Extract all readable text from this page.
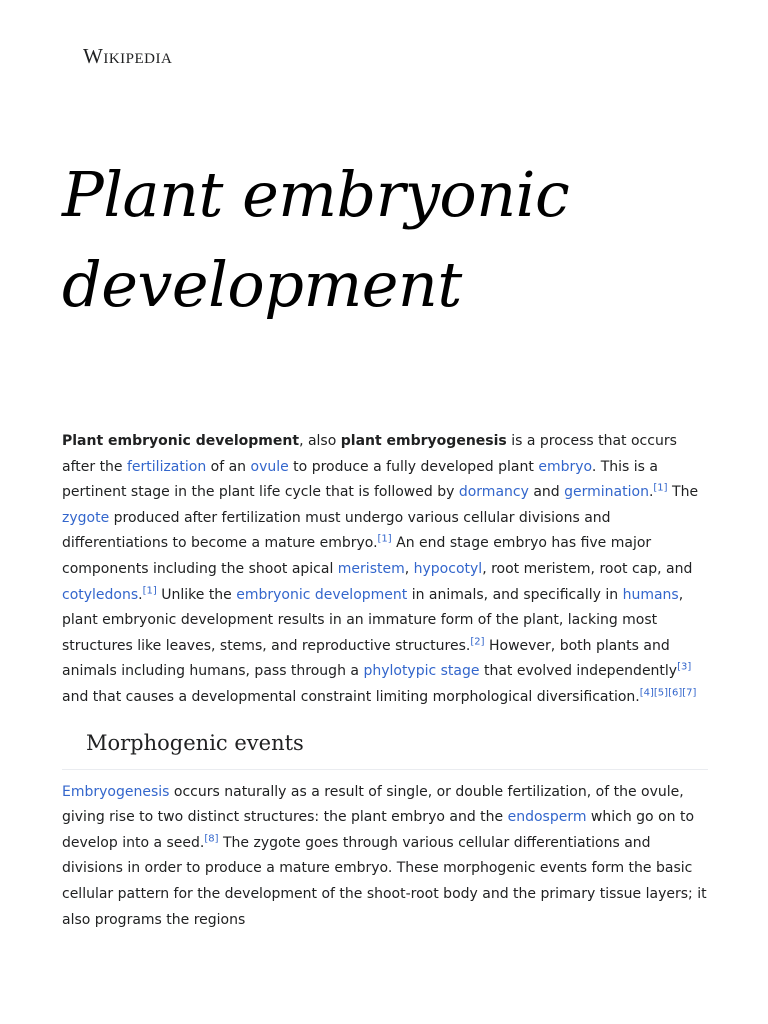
Wikipedia
Plant embryonic
development

Plant embryonic development, also plant embryogenesis is a process that occurs after the fertilization of an ovule to produce a fully developed plant embryo. This is a pertinent stage in the plant life cycle that is followed by dormancy and germination.[1] The zygote produced after fertilization must undergo various cellular divisions and differentiations to become a mature embryo.[1] An end stage embryo has five major components including the shoot apical meristem, hypocotyl, root meristem, root cap, and cotyledons.[1] Unlike the embryonic development in animals, and specifically in humans, plant embryonic development results in an immature form of the plant, lacking most structures like leaves, stems, and reproductive structures.[2] However, both plants and animals including humans, pass through a phylotypic stage that evolved independently[3] and that causes a developmental constraint limiting morphological diversification.[4][5][6][7]

Morphogenic events

Embryogenesis occurs naturally as a result of single, or double fertilization, of the ovule, giving rise to two distinct structures: the plant embryo and the endosperm which go on to develop into a seed.[8] The zygote goes through various cellular differentiations and divisions in order to produce a mature embryo. These morphogenic events form the basic cellular pattern for the development of the shoot-root body and the primary tissue layers; it also programs the regions
